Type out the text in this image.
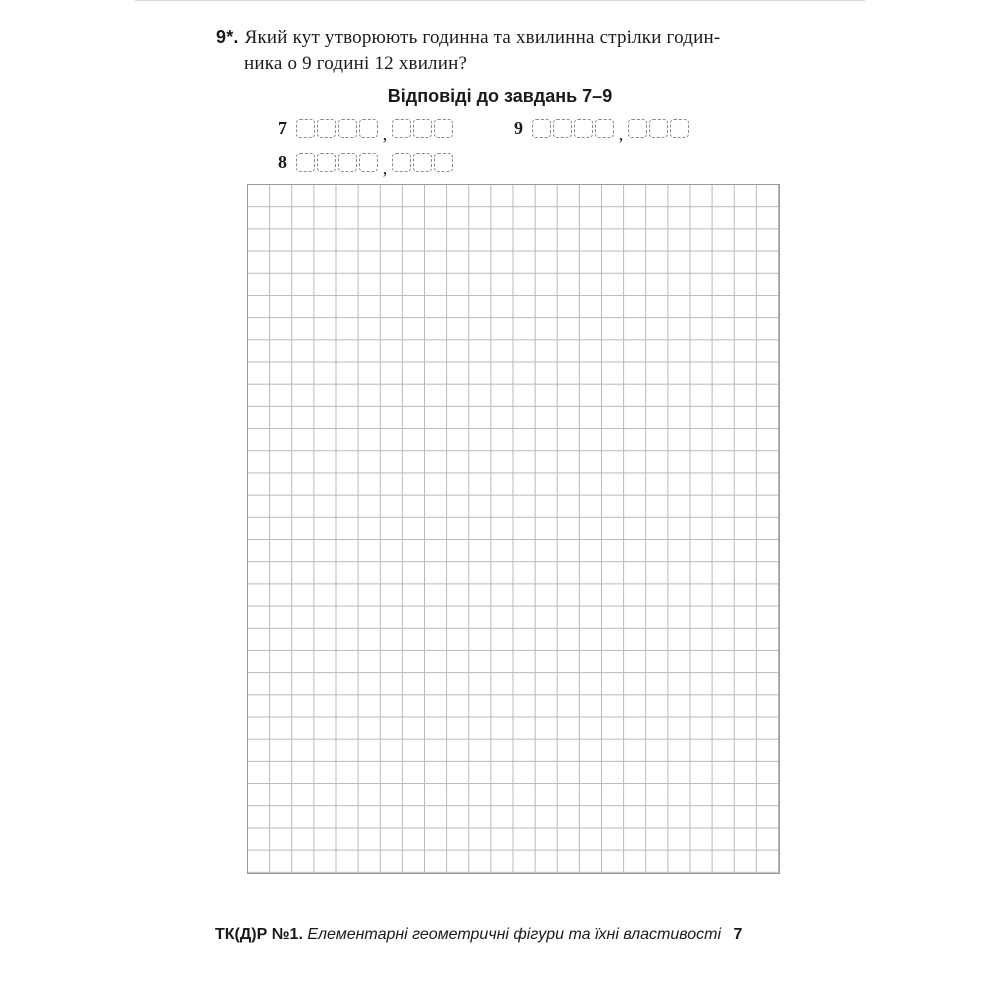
9*. Який кут утворюють годинна та хвилинна стрілки годин-
ника о 9 годині 12 хвилин?
Відповіді до завдань 7–9
7	,	9	,
8	,
ТК(Д)Р №1. Елементарні геометричні фігури та їхні властивості 7
